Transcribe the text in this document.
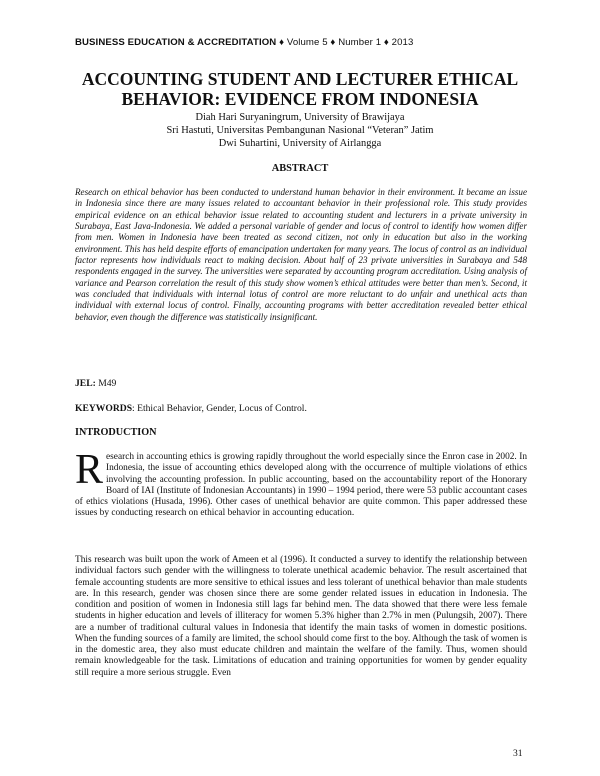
BUSINESS EDUCATION & ACCREDITATION ♦ Volume 5 ♦ Number 1 ♦ 2013
ACCOUNTING STUDENT AND LECTURER ETHICAL BEHAVIOR: EVIDENCE FROM INDONESIA
Diah Hari Suryaningrum, University of Brawijaya
Sri Hastuti, Universitas Pembangunan Nasional “Veteran” Jatim
Dwi Suhartini, University of Airlangga
ABSTRACT

Research on ethical behavior has been conducted to understand human behavior in their environment. It became an issue in Indonesia since there are many issues related to accountant behavior in their professional role. This study provides empirical evidence on an ethical behavior issue related to accounting student and lecturers in a private university in Surabaya, East Java-Indonesia. We added a personal variable of gender and locus of control to identify how women differ from men. Women in Indonesia have been treated as second citizen, not only in education but also in the working environment. This has held despite efforts of emancipation undertaken for many years. The locus of control as an individual factor represents how individuals react to making decision. About half of 23 private universities in Surabaya and 548 respondents engaged in the survey. The universities were separated by accounting program accreditation. Using analysis of variance and Pearson correlation the result of this study show women’s ethical attitudes were better than men’s. Second, it was concluded that individuals with internal lotus of control are more reluctant to do unfair and unethical acts than individual with external locus of control. Finally, accounting programs with better accreditation revealed better ethical behavior, even though the difference was statistically insignificant.

JEL: M49
KEYWORDS: Ethical Behavior, Gender, Locus of Control.
INTRODUCTION

Research in accounting ethics is growing rapidly throughout the world especially since the Enron case in 2002. In Indonesia, the issue of accounting ethics developed along with the occurrence of multiple violations of ethics involving the accounting profession. In public accounting, based on the accountability report of the Honorary Board of IAI (Institute of Indonesian Accountants) in 1990 – 1994 period, there were 53 public accountant cases of ethics violations (Husada, 1996). Other cases of unethical behavior are quite common. This paper addressed these issues by conducting research on ethical behavior in accounting education.

This research was built upon the work of Ameen et al (1996). It conducted a survey to identify the relationship between individual factors such gender with the willingness to tolerate unethical academic behavior. The result ascertained that female accounting students are more sensitive to ethical issues and less tolerant of unethical behavior than male students are. In this research, gender was chosen since there are some gender related issues in education in Indonesia. The condition and position of women in Indonesia still lags far behind men. The data showed that there were less female students in higher education and levels of illiteracy for women 5.3% higher than 2.7% in men (Pulungsih, 2007). There are a number of traditional cultural values in Indonesia that identify the main tasks of women in domestic positions. When the funding sources of a family are limited, the school should come first to the boy. Although the task of women is in the domestic area, they also must educate children and maintain the welfare of the family. Thus, women should remain knowledgeable for the task. Limitations of education and training opportunities for women by gender equality still require a more serious struggle. Even

31
